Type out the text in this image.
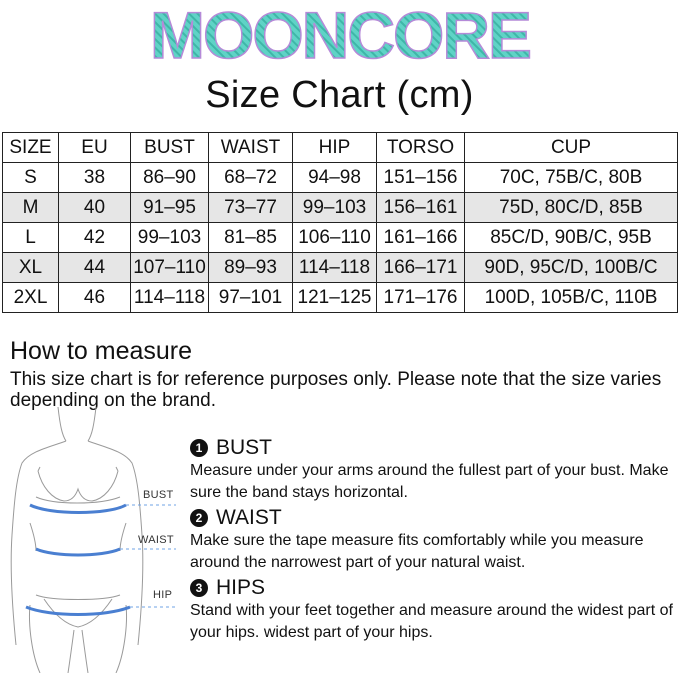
MOONCORE
Size Chart (cm)
SIZE	EU	BUST	WAIST	HIP	TORSO	CUP
S	38	86–90	68–72	94–98	151–156	70C, 75B/C, 80B
M	40	91–95	73–77	99–103	156–161	75D, 80C/D, 85B
L	42	99–103	81–85	106–110	161–166	85C/D, 90B/C, 95B
XL	44	107–110	89–93	114–118	166–171	90D, 95C/D, 100B/C
2XL	46	114–118	97–101	121–125	171–176	100D, 105B/C, 110B
How to measure
This size chart is for reference purposes only. Please note that the size varies depending on the brand.
BUST
WAIST
HIP
1 BUST
Measure under your arms around the fullest part of your bust. Make sure the band stays horizontal.
2 WAIST
Make sure the tape measure fits comfortably while you measure around the narrowest part of your natural waist.
3 HIPS
Stand with your feet together and measure around the widest part of your hips. widest part of your hips.
